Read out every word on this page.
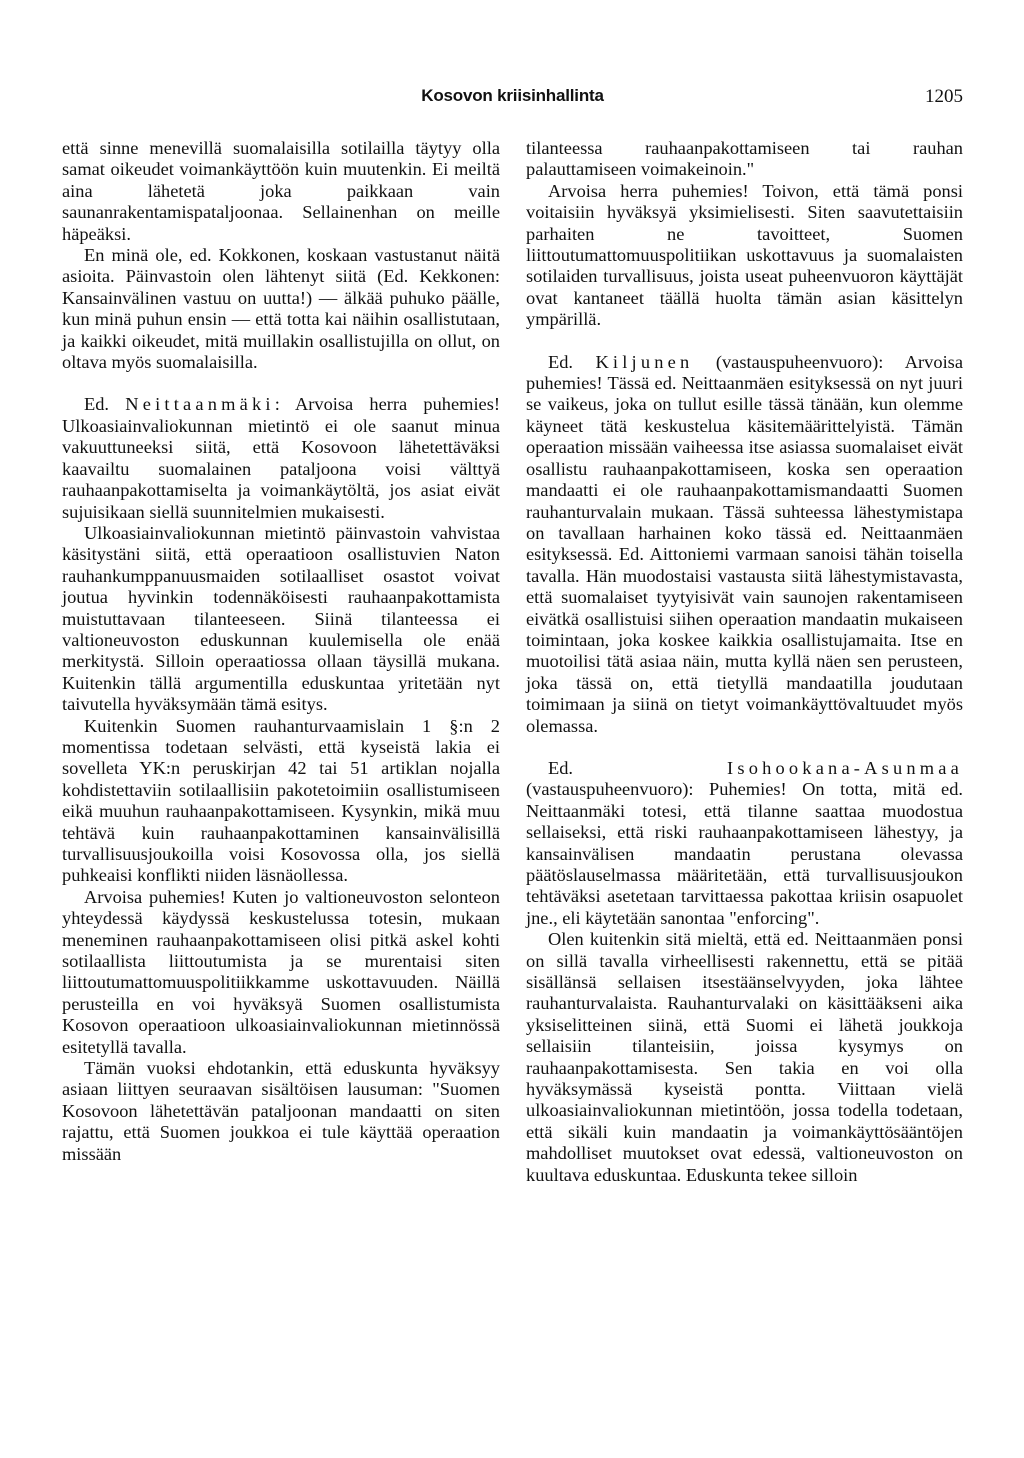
Kosovon kriisinhallinta	1205

että sinne menevillä suomalaisilla sotilailla täytyy olla samat oikeudet voimankäyttöön kuin muutenkin. Ei meiltä aina lähetetä joka paikkaan vain saunanrakentamispataljoonaa. Sellainenhan on meille häpeäksi.

En minä ole, ed. Kokkonen, koskaan vastustanut näitä asioita. Päinvastoin olen lähtenyt siitä (Ed. Kekkonen: Kansainvälinen vastuu on uutta!) — älkää puhuko päälle, kun minä puhun ensin — että totta kai näihin osallistutaan, ja kaikki oikeudet, mitä muillakin osallistujilla on ollut, on oltava myös suomalaisilla.

Ed. Neittaanmäki: Arvoisa herra puhemies! Ulkoasiainvaliokunnan mietintö ei ole saanut minua vakuuttuneeksi siitä, että Kosovoon lähetettäväksi kaavailtu suomalainen pataljoona voisi välttyä rauhaanpakottamiselta ja voimankäytöltä, jos asiat eivät sujuisikaan siellä suunnitelmien mukaisesti.

Ulkoasiainvaliokunnan mietintö päinvastoin vahvistaa käsitystäni siitä, että operaatioon osallistuvien Naton rauhankumppanuusmaiden sotilaalliset osastot voivat joutua hyvinkin todennäköisesti rauhaanpakottamista muistuttavaan tilanteeseen. Siinä tilanteessa ei valtioneuvoston eduskunnan kuulemisella ole enää merkitystä. Silloin operaatiossa ollaan täysillä mukana. Kuitenkin tällä argumentilla eduskuntaa yritetään nyt taivutella hyväksymään tämä esitys.

Kuitenkin Suomen rauhanturvaamislain 1 §:n 2 momentissa todetaan selvästi, että kyseistä lakia ei sovelleta YK:n peruskirjan 42 tai 51 artiklan nojalla kohdistettaviin sotilaallisiin pakotetoimiin osallistumiseen eikä muuhun rauhaanpakottamiseen. Kysynkin, mikä muu tehtävä kuin rauhaanpakottaminen kansainvälisillä turvallisuusjoukoilla voisi Kosovossa olla, jos siellä puhkeaisi konflikti niiden läsnäollessa.

Arvoisa puhemies! Kuten jo valtioneuvoston selonteon yhteydessä käydyssä keskustelussa totesin, mukaan meneminen rauhaanpakottamiseen olisi pitkä askel kohti sotilaallista liittoutumista ja se murentaisi siten liittoutumattomuuspolitiikkamme uskottavuuden. Näillä perusteilla en voi hyväksyä Suomen osallistumista Kosovon operaatioon ulkoasiainvaliokunnan mietinnössä esitetyllä tavalla.

Tämän vuoksi ehdotankin, että eduskunta hyväksyy asiaan liittyen seuraavan sisältöisen lausuman: "Suomen Kosovoon lähetettävän pataljoonan mandaatti on siten rajattu, että Suomen joukkoa ei tule käyttää operaation missään

tilanteessa rauhaanpakottamiseen tai rauhan palauttamiseen voimakeinoin."

Arvoisa herra puhemies! Toivon, että tämä ponsi voitaisiin hyväksyä yksimielisesti. Siten saavutettaisiin parhaiten ne tavoitteet, Suomen liittoutumattomuuspolitiikan uskottavuus ja suomalaisten sotilaiden turvallisuus, joista useat puheenvuoron käyttäjät ovat kantaneet täällä huolta tämän asian käsittelyn ympärillä.

Ed. Kiljunen (vastauspuheenvuoro): Arvoisa puhemies! Tässä ed. Neittaanmäen esityksessä on nyt juuri se vaikeus, joka on tullut esille tässä tänään, kun olemme käyneet tätä keskustelua käsitemäärittelyistä. Tämän operaation missään vaiheessa itse asiassa suomalaiset eivät osallistu rauhaanpakottamiseen, koska sen operaation mandaatti ei ole rauhaanpakottamismandaatti Suomen rauhanturvalain mukaan. Tässä suhteessa lähestymistapa on tavallaan harhainen koko tässä ed. Neittaanmäen esityksessä. Ed. Aittoniemi varmaan sanoisi tähän toisella tavalla. Hän muodostaisi vastausta siitä lähestymistavasta, että suomalaiset tyytyisivät vain saunojen rakentamiseen eivätkä osallistuisi siihen operaation mandaatin mukaiseen toimintaan, joka koskee kaikkia osallistujamaita. Itse en muotoilisi tätä asiaa näin, mutta kyllä näen sen perusteen, joka tässä on, että tietyllä mandaatilla joudutaan toimimaan ja siinä on tietyt voimankäyttövaltuudet myös olemassa.

Ed. Isohookana-Asunmaa (vastauspuheenvuoro): Puhemies! On totta, mitä ed. Neittaanmäki totesi, että tilanne saattaa muodostua sellaiseksi, että riski rauhaanpakottamiseen lähestyy, ja kansainvälisen mandaatin perustana olevassa päätöslauselmassa määritetään, että turvallisuusjoukon tehtäväksi asetetaan tarvittaessa pakottaa kriisin osapuolet jne., eli käytetään sanontaa "enforcing".

Olen kuitenkin sitä mieltä, että ed. Neittaanmäen ponsi on sillä tavalla virheellisesti rakennettu, että se pitää sisällänsä sellaisen itsestäänselvyyden, joka lähtee rauhanturvalaista. Rauhanturvalaki on käsittääkseni aika yksiselitteinen siinä, että Suomi ei lähetä joukkoja sellaisiin tilanteisiin, joissa kysymys on rauhaanpakottamisesta. Sen takia en voi olla hyväksymässä kyseistä pontta. Viittaan vielä ulkoasiainvaliokunnan mietintöön, jossa todella todetaan, että sikäli kuin mandaatin ja voimankäyttösääntöjen mahdolliset muutokset ovat edessä, valtioneuvoston on kuultava eduskuntaa. Eduskunta tekee silloin
